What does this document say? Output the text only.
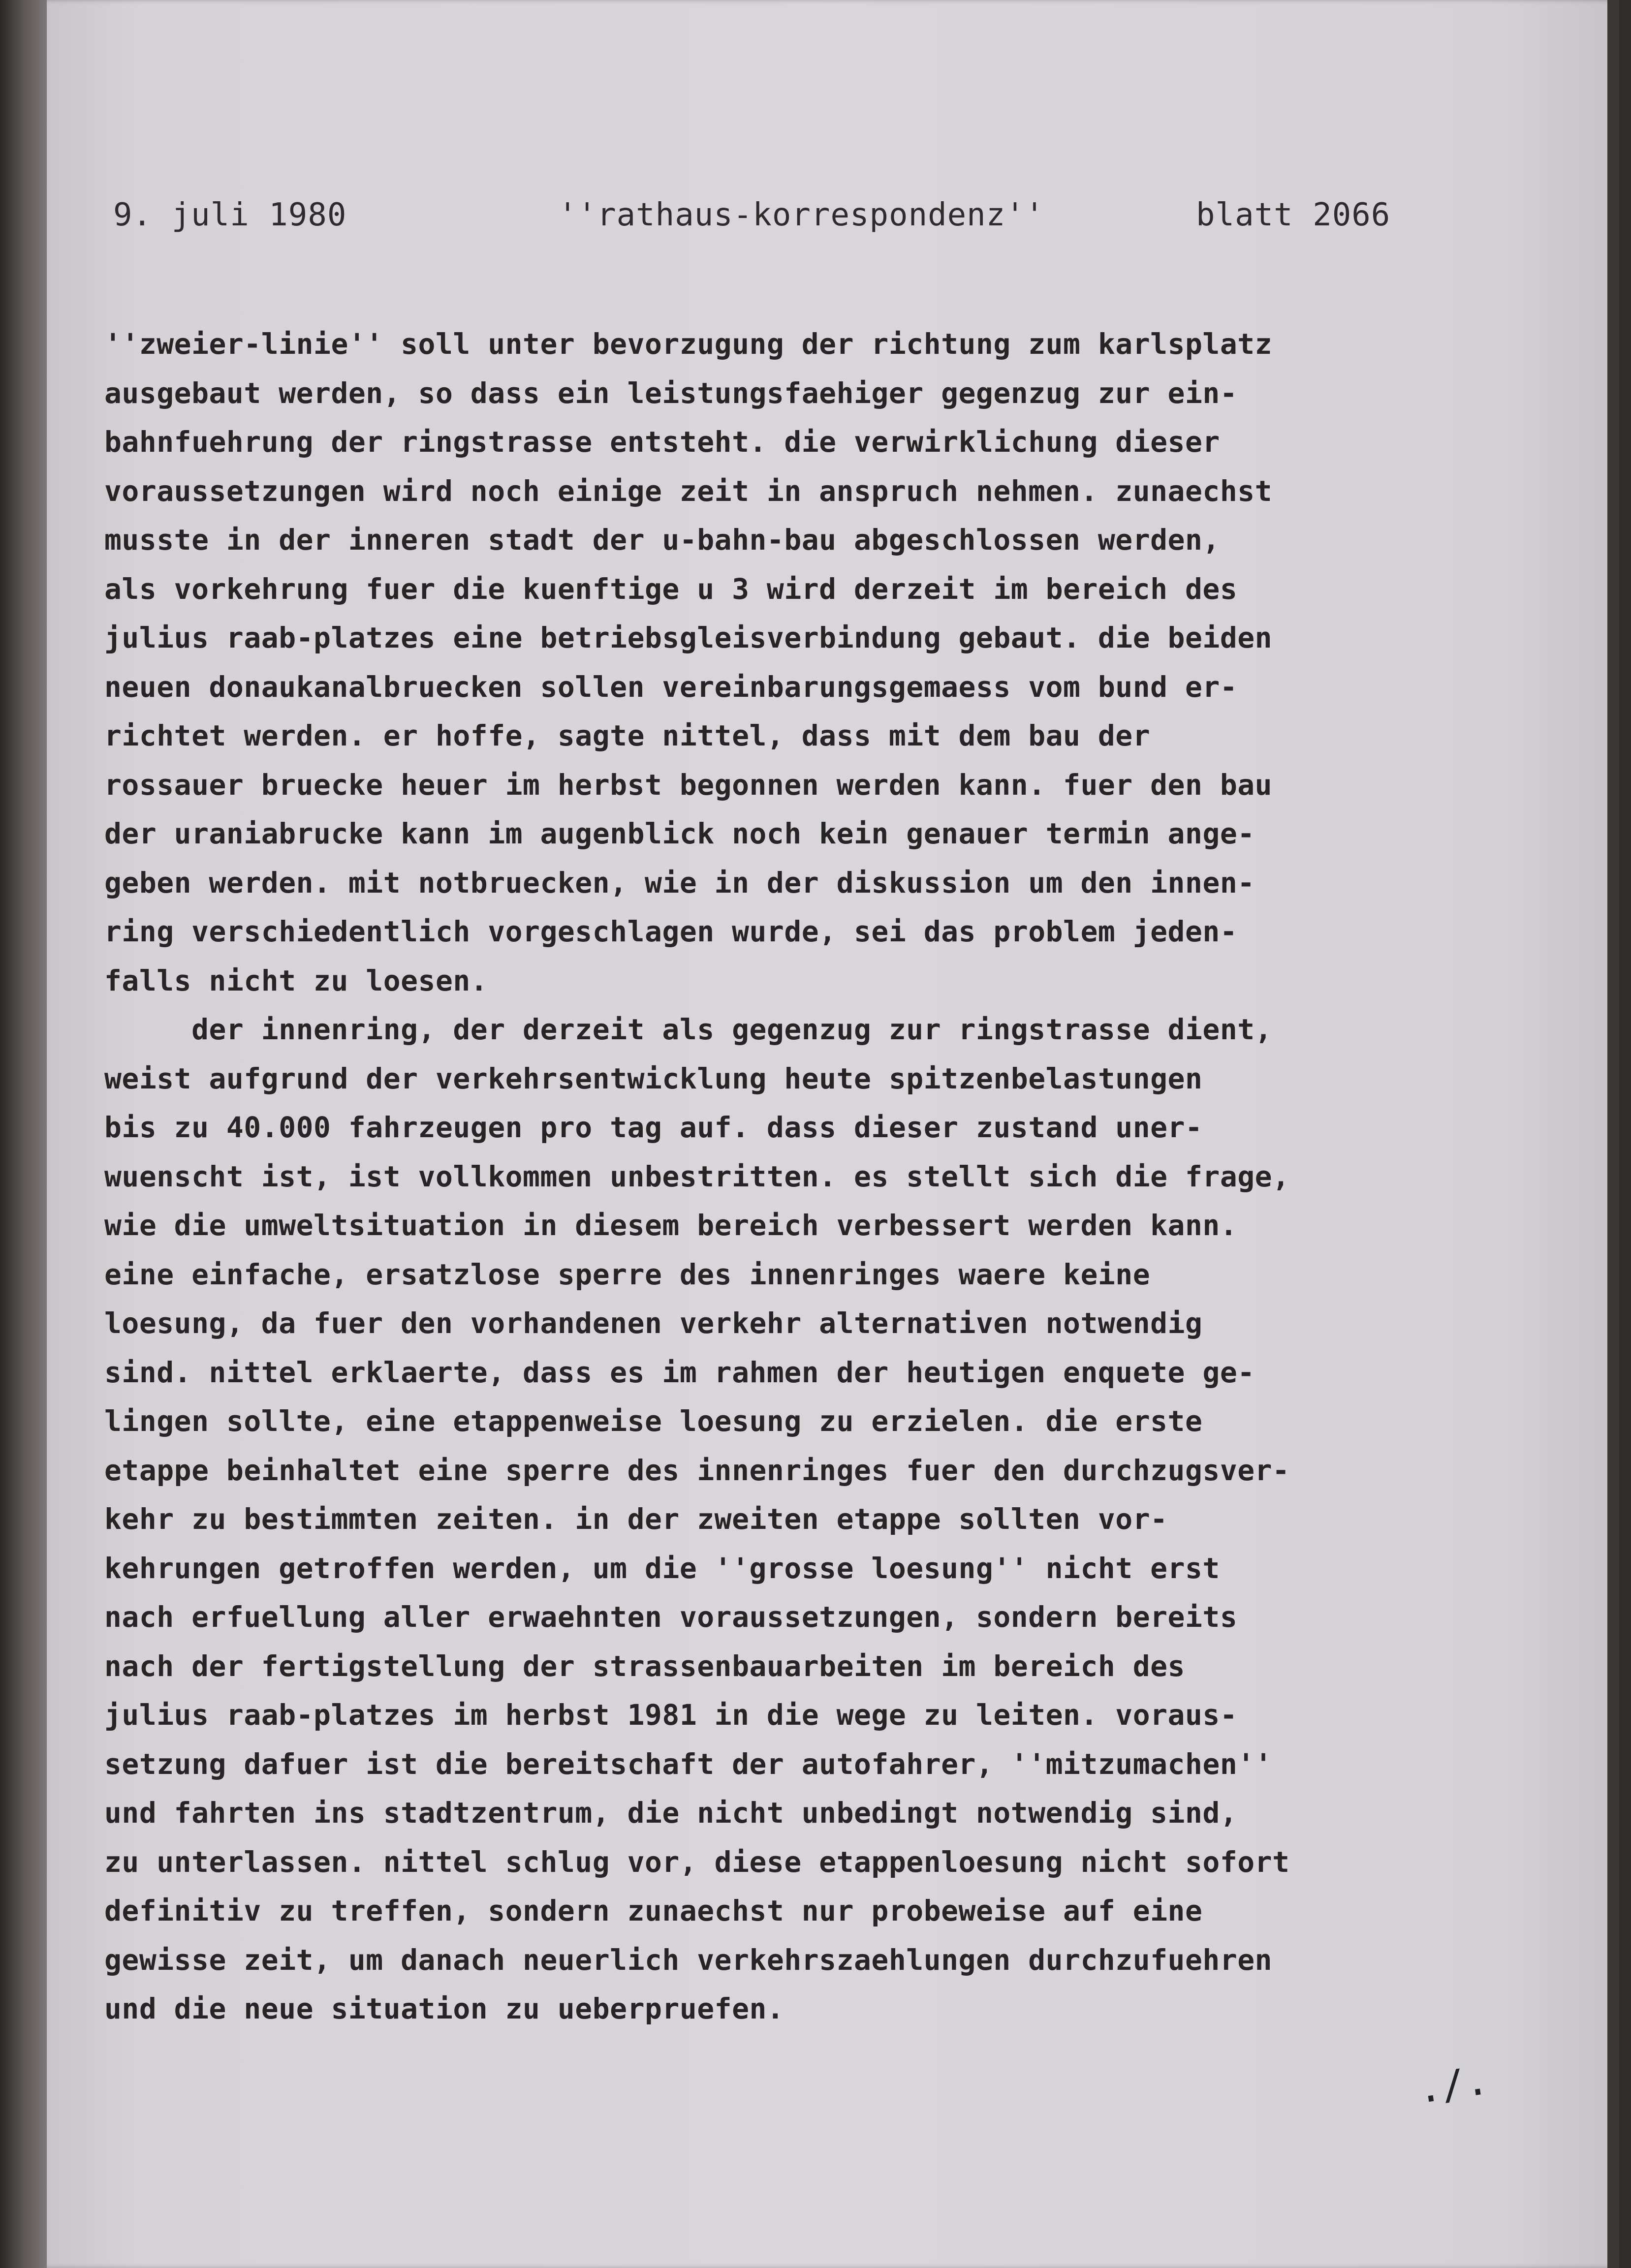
9. juli 1980	''rathaus-korrespondenz''	blatt 2066
''zweier-linie'' soll unter bevorzugung der richtung zum karlsplatz
ausgebaut werden, so dass ein leistungsfaehiger gegenzug zur ein-
bahnfuehrung der ringstrasse entsteht. die verwirklichung dieser
voraussetzungen wird noch einige zeit in anspruch nehmen. zunaechst
musste in der inneren stadt der u-bahn-bau abgeschlossen werden,
als vorkehrung fuer die kuenftige u 3 wird derzeit im bereich des
julius raab-platzes eine betriebsgleisverbindung gebaut. die beiden
neuen donaukanalbruecken sollen vereinbarungsgemaess vom bund er-
richtet werden. er hoffe, sagte nittel, dass mit dem bau der
rossauer bruecke heuer im herbst begonnen werden kann. fuer den bau
der uraniabrucke kann im augenblick noch kein genauer termin ange-
geben werden. mit notbruecken, wie in der diskussion um den innen-
ring verschiedentlich vorgeschlagen wurde, sei das problem jeden-
falls nicht zu loesen.
der innenring, der derzeit als gegenzug zur ringstrasse dient,
weist aufgrund der verkehrsentwicklung heute spitzenbelastungen
bis zu 40.000 fahrzeugen pro tag auf. dass dieser zustand uner-
wuenscht ist, ist vollkommen unbestritten. es stellt sich die frage,
wie die umweltsituation in diesem bereich verbessert werden kann.
eine einfache, ersatzlose sperre des innenringes waere keine
loesung, da fuer den vorhandenen verkehr alternativen notwendig
sind. nittel erklaerte, dass es im rahmen der heutigen enquete ge-
lingen sollte, eine etappenweise loesung zu erzielen. die erste
etappe beinhaltet eine sperre des innenringes fuer den durchzugsver-
kehr zu bestimmten zeiten. in der zweiten etappe sollten vor-
kehrungen getroffen werden, um die ''grosse loesung'' nicht erst
nach erfuellung aller erwaehnten voraussetzungen, sondern bereits
nach der fertigstellung der strassenbauarbeiten im bereich des
julius raab-platzes im herbst 1981 in die wege zu leiten. voraus-
setzung dafuer ist die bereitschaft der autofahrer, ''mitzumachen''
und fahrten ins stadtzentrum, die nicht unbedingt notwendig sind,
zu unterlassen. nittel schlug vor, diese etappenloesung nicht sofort
definitiv zu treffen, sondern zunaechst nur probeweise auf eine
gewisse zeit, um danach neuerlich verkehrszaehlungen durchzufuehren
und die neue situation zu ueberpruefen.
./.
